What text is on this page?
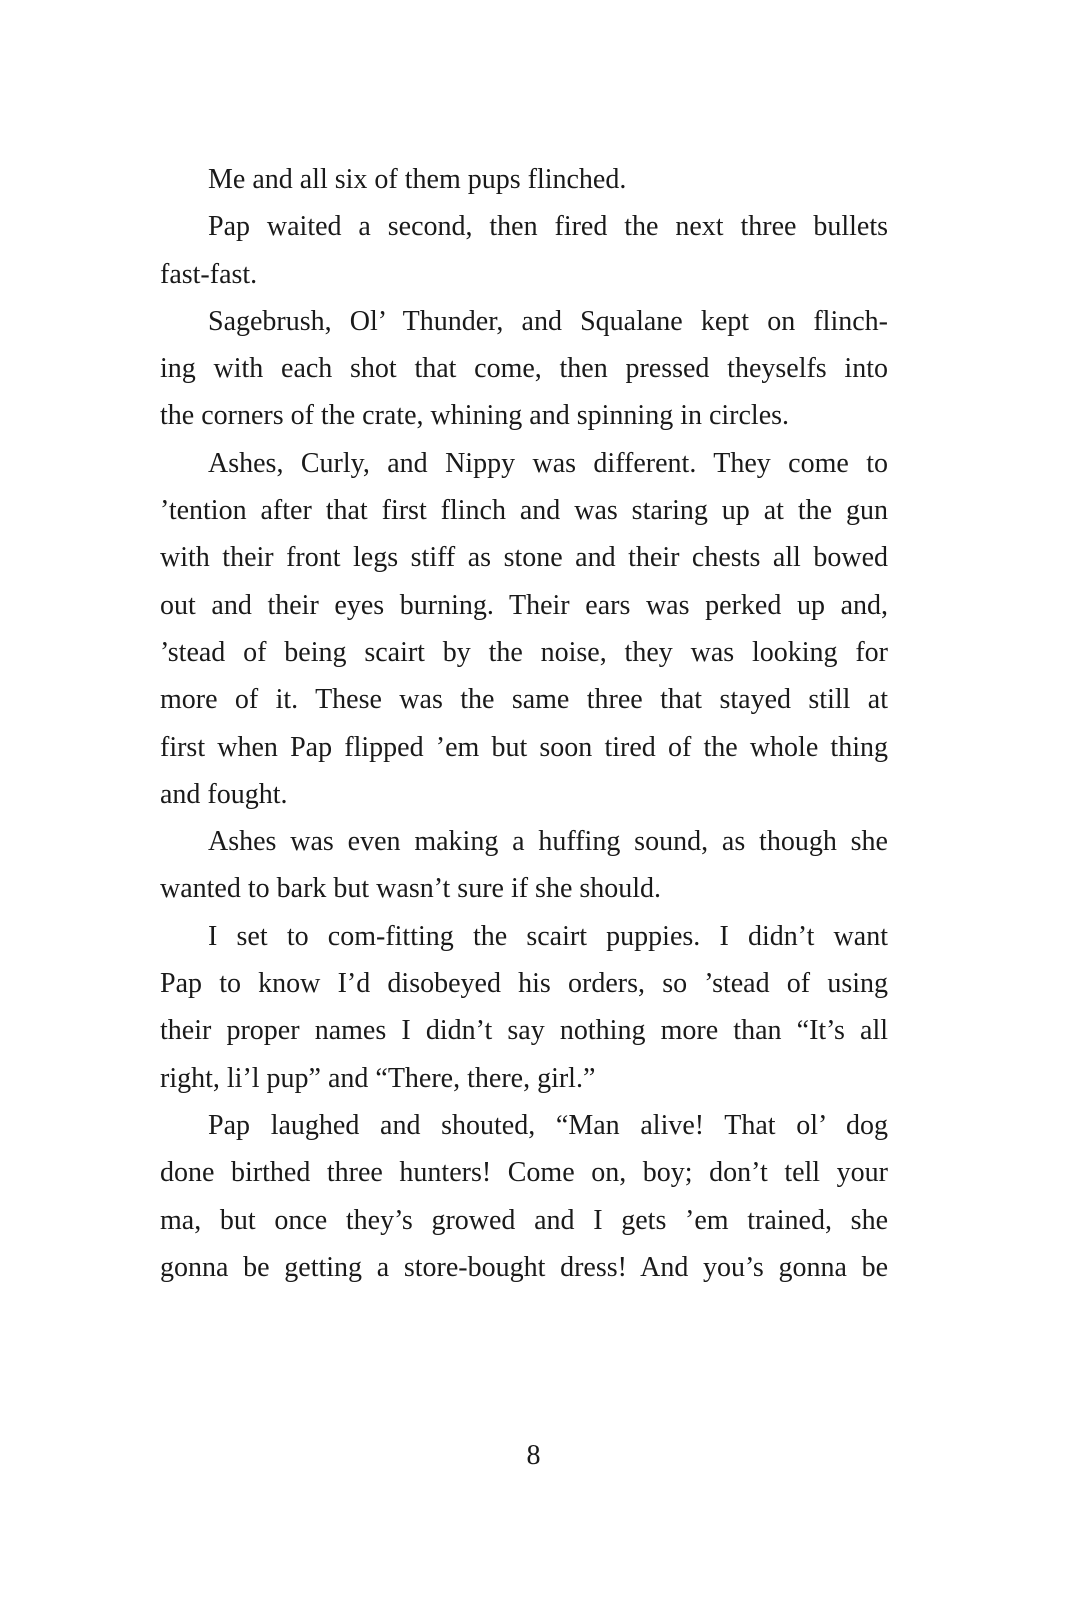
Me and all six of them pups flinched.
Pap waited a second, then fired the next three bullets
fast-fast.
Sagebrush, Ol’ Thunder, and Squalane kept on flinch-
ing with each shot that come, then pressed theyselfs into
the corners of the crate, whining and spinning in circles.
Ashes, Curly, and Nippy was different. They come to
’tention after that first flinch and was staring up at the gun
with their front legs stiff as stone and their chests all bowed
out and their eyes burning. Their ears was perked up and,
’stead of being scairt by the noise, they was looking for
more of it. These was the same three that stayed still at
first when Pap flipped ’em but soon tired of the whole thing
and fought.
Ashes was even making a huffing sound, as though she
wanted to bark but wasn’t sure if she should.
I set to com-fitting the scairt puppies. I didn’t want
Pap to know I’d disobeyed his orders, so ’stead of using
their proper names I didn’t say nothing more than “It’s all
right, li’l pup” and “There, there, girl.”
Pap laughed and shouted, “Man alive! That ol’ dog
done birthed three hunters! Come on, boy; don’t tell your
ma, but once they’s growed and I gets ’em trained, she
gonna be getting a store-bought dress! And you’s gonna be
8
